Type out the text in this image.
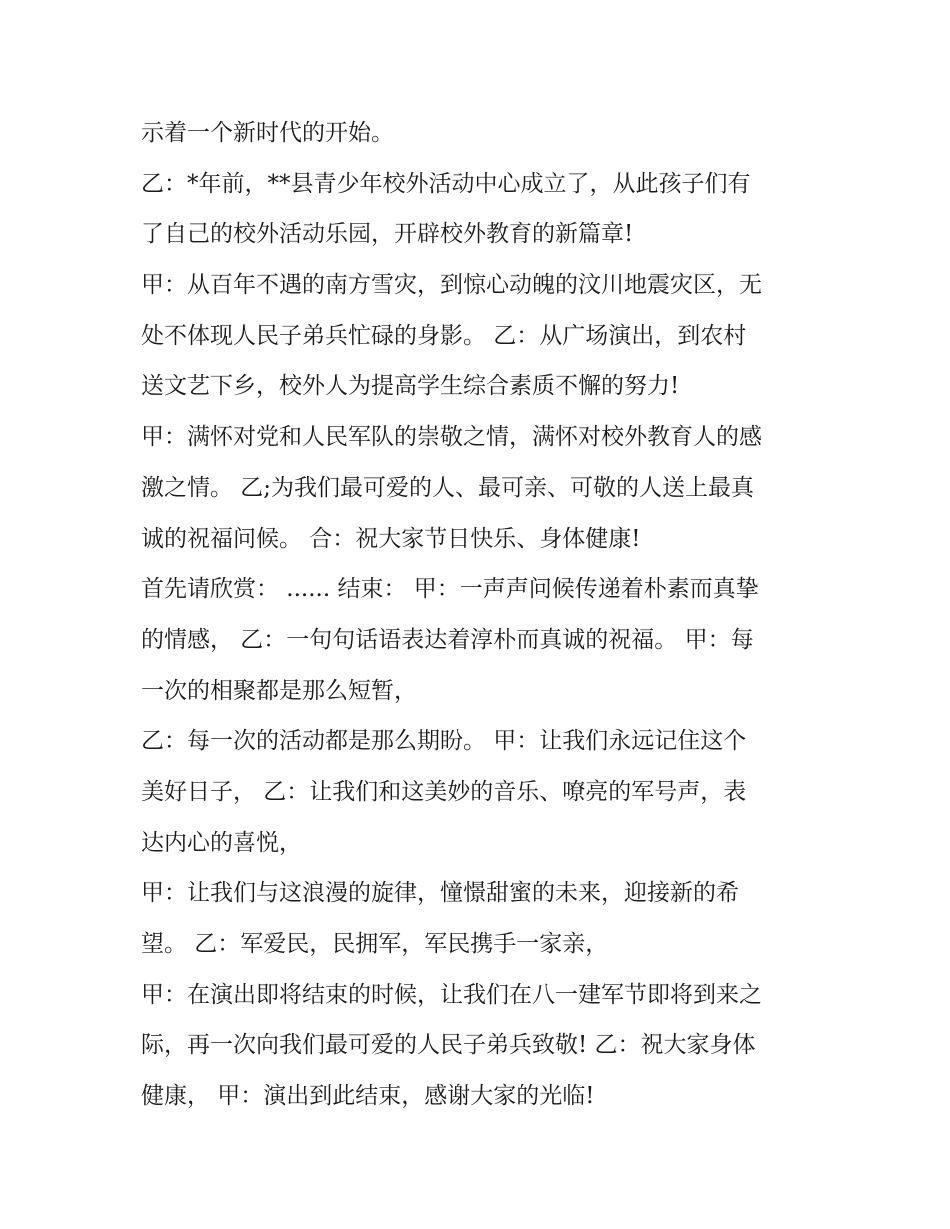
示着一个新时代的开始。
乙：*年前，**县青少年校外活动中心成立了，从此孩子们有
了自己的校外活动乐园，开辟校外教育的新篇章!
甲：从百年不遇的南方雪灾，到惊心动魄的汶川地震灾区，无
处不体现人民子弟兵忙碌的身影。 乙：从广场演出，到农村
送文艺下乡，校外人为提高学生综合素质不懈的努力!
甲：满怀对党和人民军队的崇敬之情，满怀对校外教育人的感
激之情。 乙;为我们最可爱的人、最可亲、可敬的人送上最真
诚的祝福问候。 合：祝大家节日快乐、身体健康!
首先请欣赏： ...... 结束： 甲：一声声问候传递着朴素而真挚
的情感， 乙：一句句话语表达着淳朴而真诚的祝福。 甲：每
一次的相聚都是那么短暂，
乙：每一次的活动都是那么期盼。 甲：让我们永远记住这个
美好日子， 乙：让我们和这美妙的音乐、嘹亮的军号声，表
达内心的喜悦，
甲：让我们与这浪漫的旋律，憧憬甜蜜的未来，迎接新的希
望。 乙：军爱民，民拥军，军民携手一家亲，
甲：在演出即将结束的时候，让我们在八一建军节即将到来之
际，再一次向我们最可爱的人民子弟兵致敬! 乙：祝大家身体
健康， 甲：演出到此结束，感谢大家的光临!
